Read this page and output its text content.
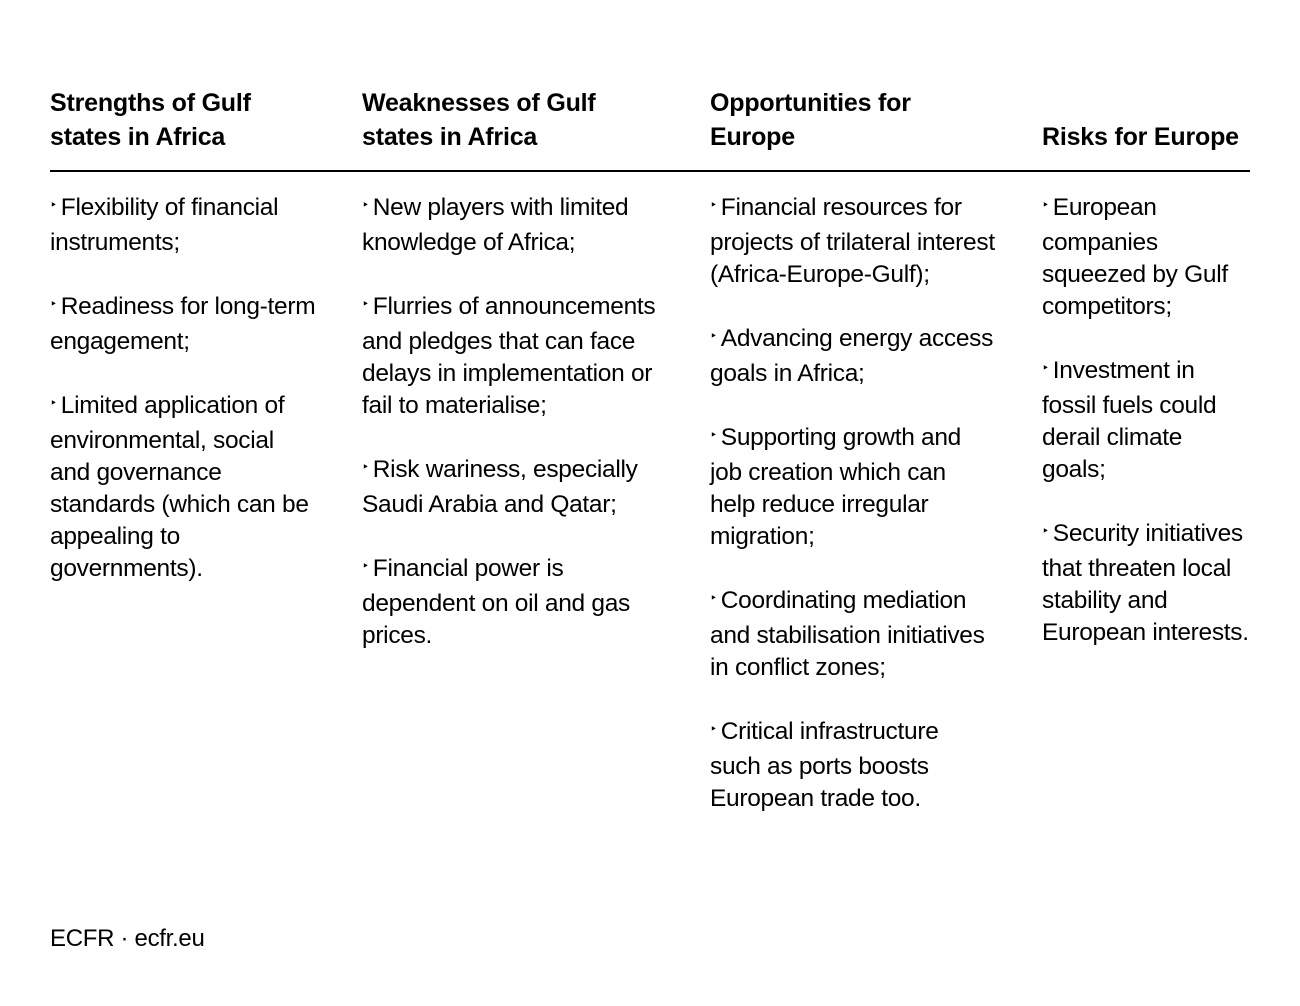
Strengths of Gulf states in Africa
Weaknesses of Gulf states in Africa
Opportunities for Europe	Risks for Europe

‣ Flexibility of financial instruments;

‣ Readiness for long-term engagement;

‣ Limited application of environmental, social and governance standards (which can be appealing to governments).

‣ New players with limited knowledge of Africa;

‣ Flurries of announcements and pledges that can face delays in implementation or fail to materialise;

‣ Risk wariness, especially Saudi Arabia and Qatar;

‣ Financial power is dependent on oil and gas prices.

‣ Financial resources for projects of trilateral interest (Africa-Europe-Gulf);

‣ Advancing energy access goals in Africa;

‣ Supporting growth and job creation which can help reduce irregular migration;

‣ Coordinating mediation and stabilisation initiatives in conflict zones;

‣ Critical infrastructure such as ports boosts European trade too.

‣ European companies squeezed by Gulf competitors;

‣ Investment in fossil fuels could derail climate goals;

‣ Security initiatives that threaten local stability and European interests.

ECFR · ecfr.eu
